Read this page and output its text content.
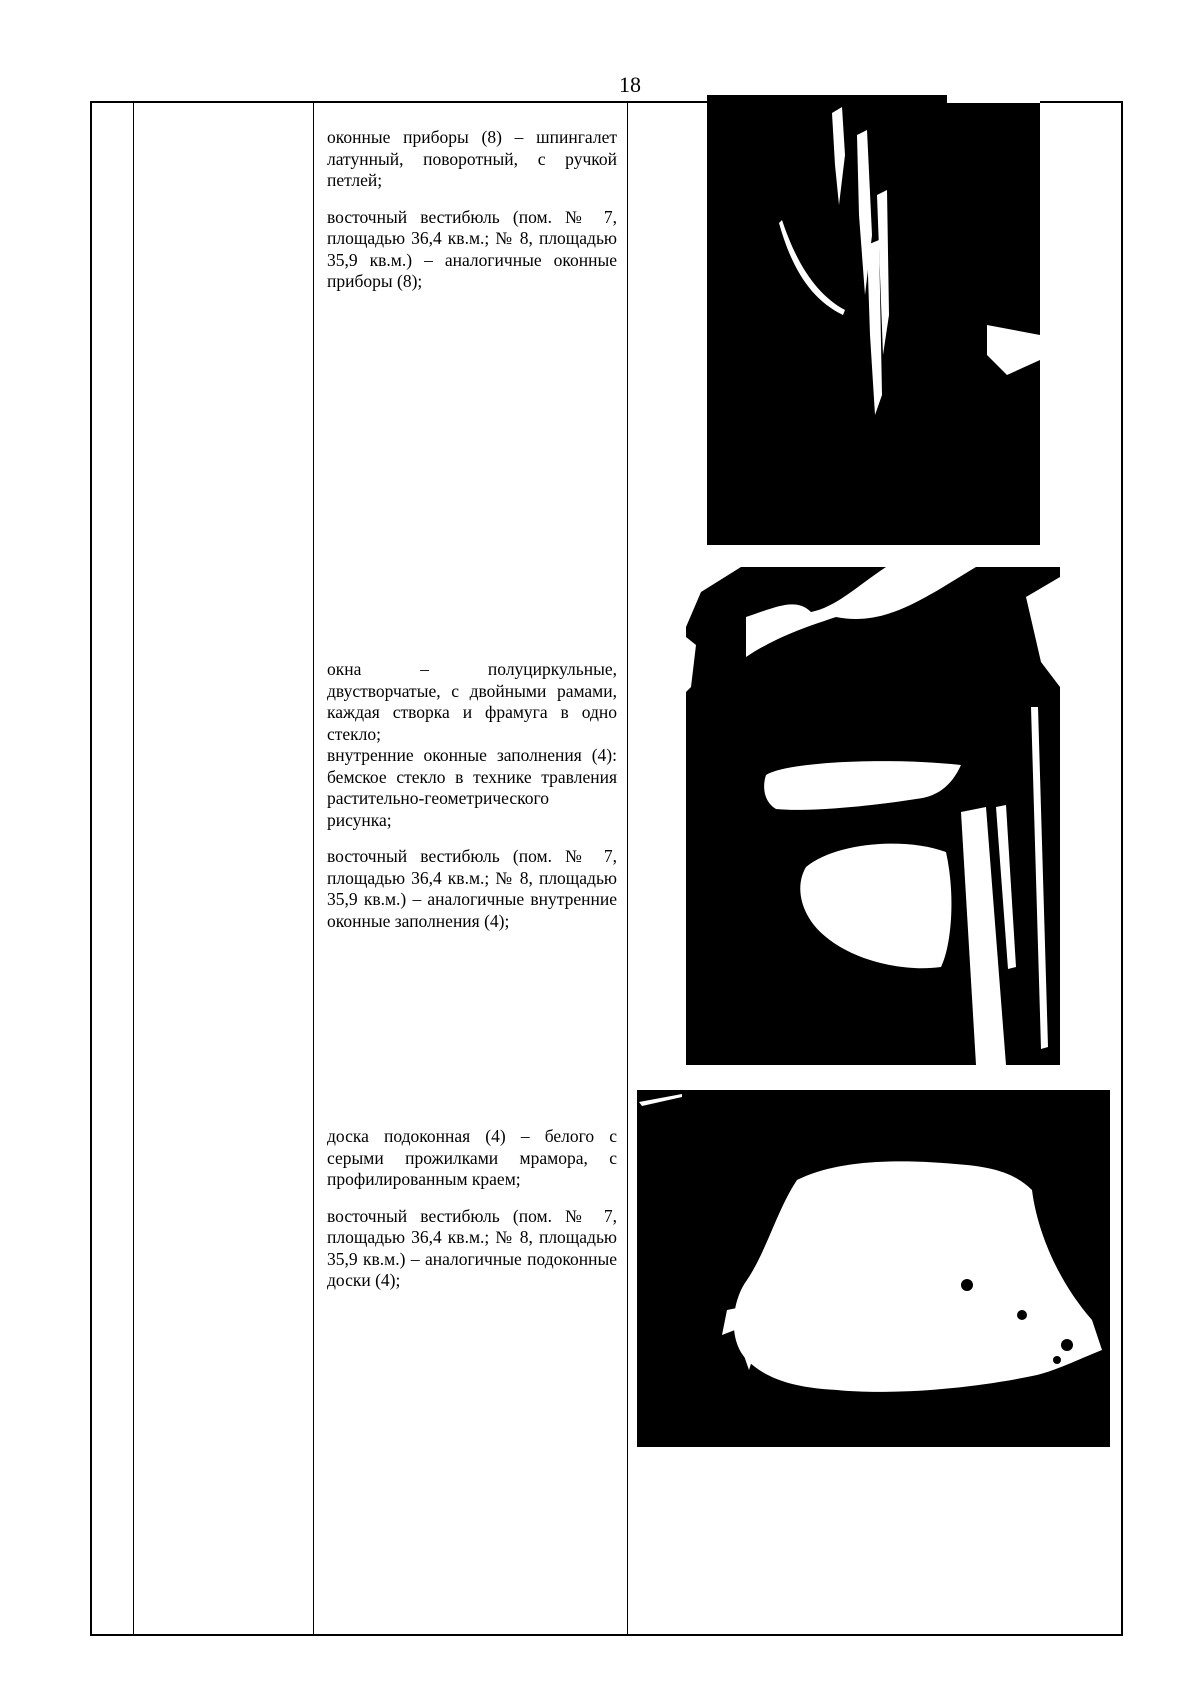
18

оконные приборы (8) – шпингалет латунный, поворотный, с ручкой петлей;

восточный вестибюль (пом. № 7, площадью 36,4 кв.м.; № 8, площадью 35,9 кв.м.) – аналогичные оконные приборы (8);

окна – полуциркульные, двустворчатые, с двойными рамами, каждая створка и фрамуга в одно стекло;

внутренние оконные заполнения (4): бемское стекло в технике травления растительно-геометрического рисунка;

восточный вестибюль (пом. № 7, площадью 36,4 кв.м.; № 8, площадью 35,9 кв.м.) – аналогичные внутренние оконные заполнения (4);

доска подоконная (4) – белого с серыми прожилками мрамора, с профилированным краем;

восточный вестибюль (пом. № 7, площадью 36,4 кв.м.; № 8, площадью 35,9 кв.м.) – аналогичные подоконные доски (4);
